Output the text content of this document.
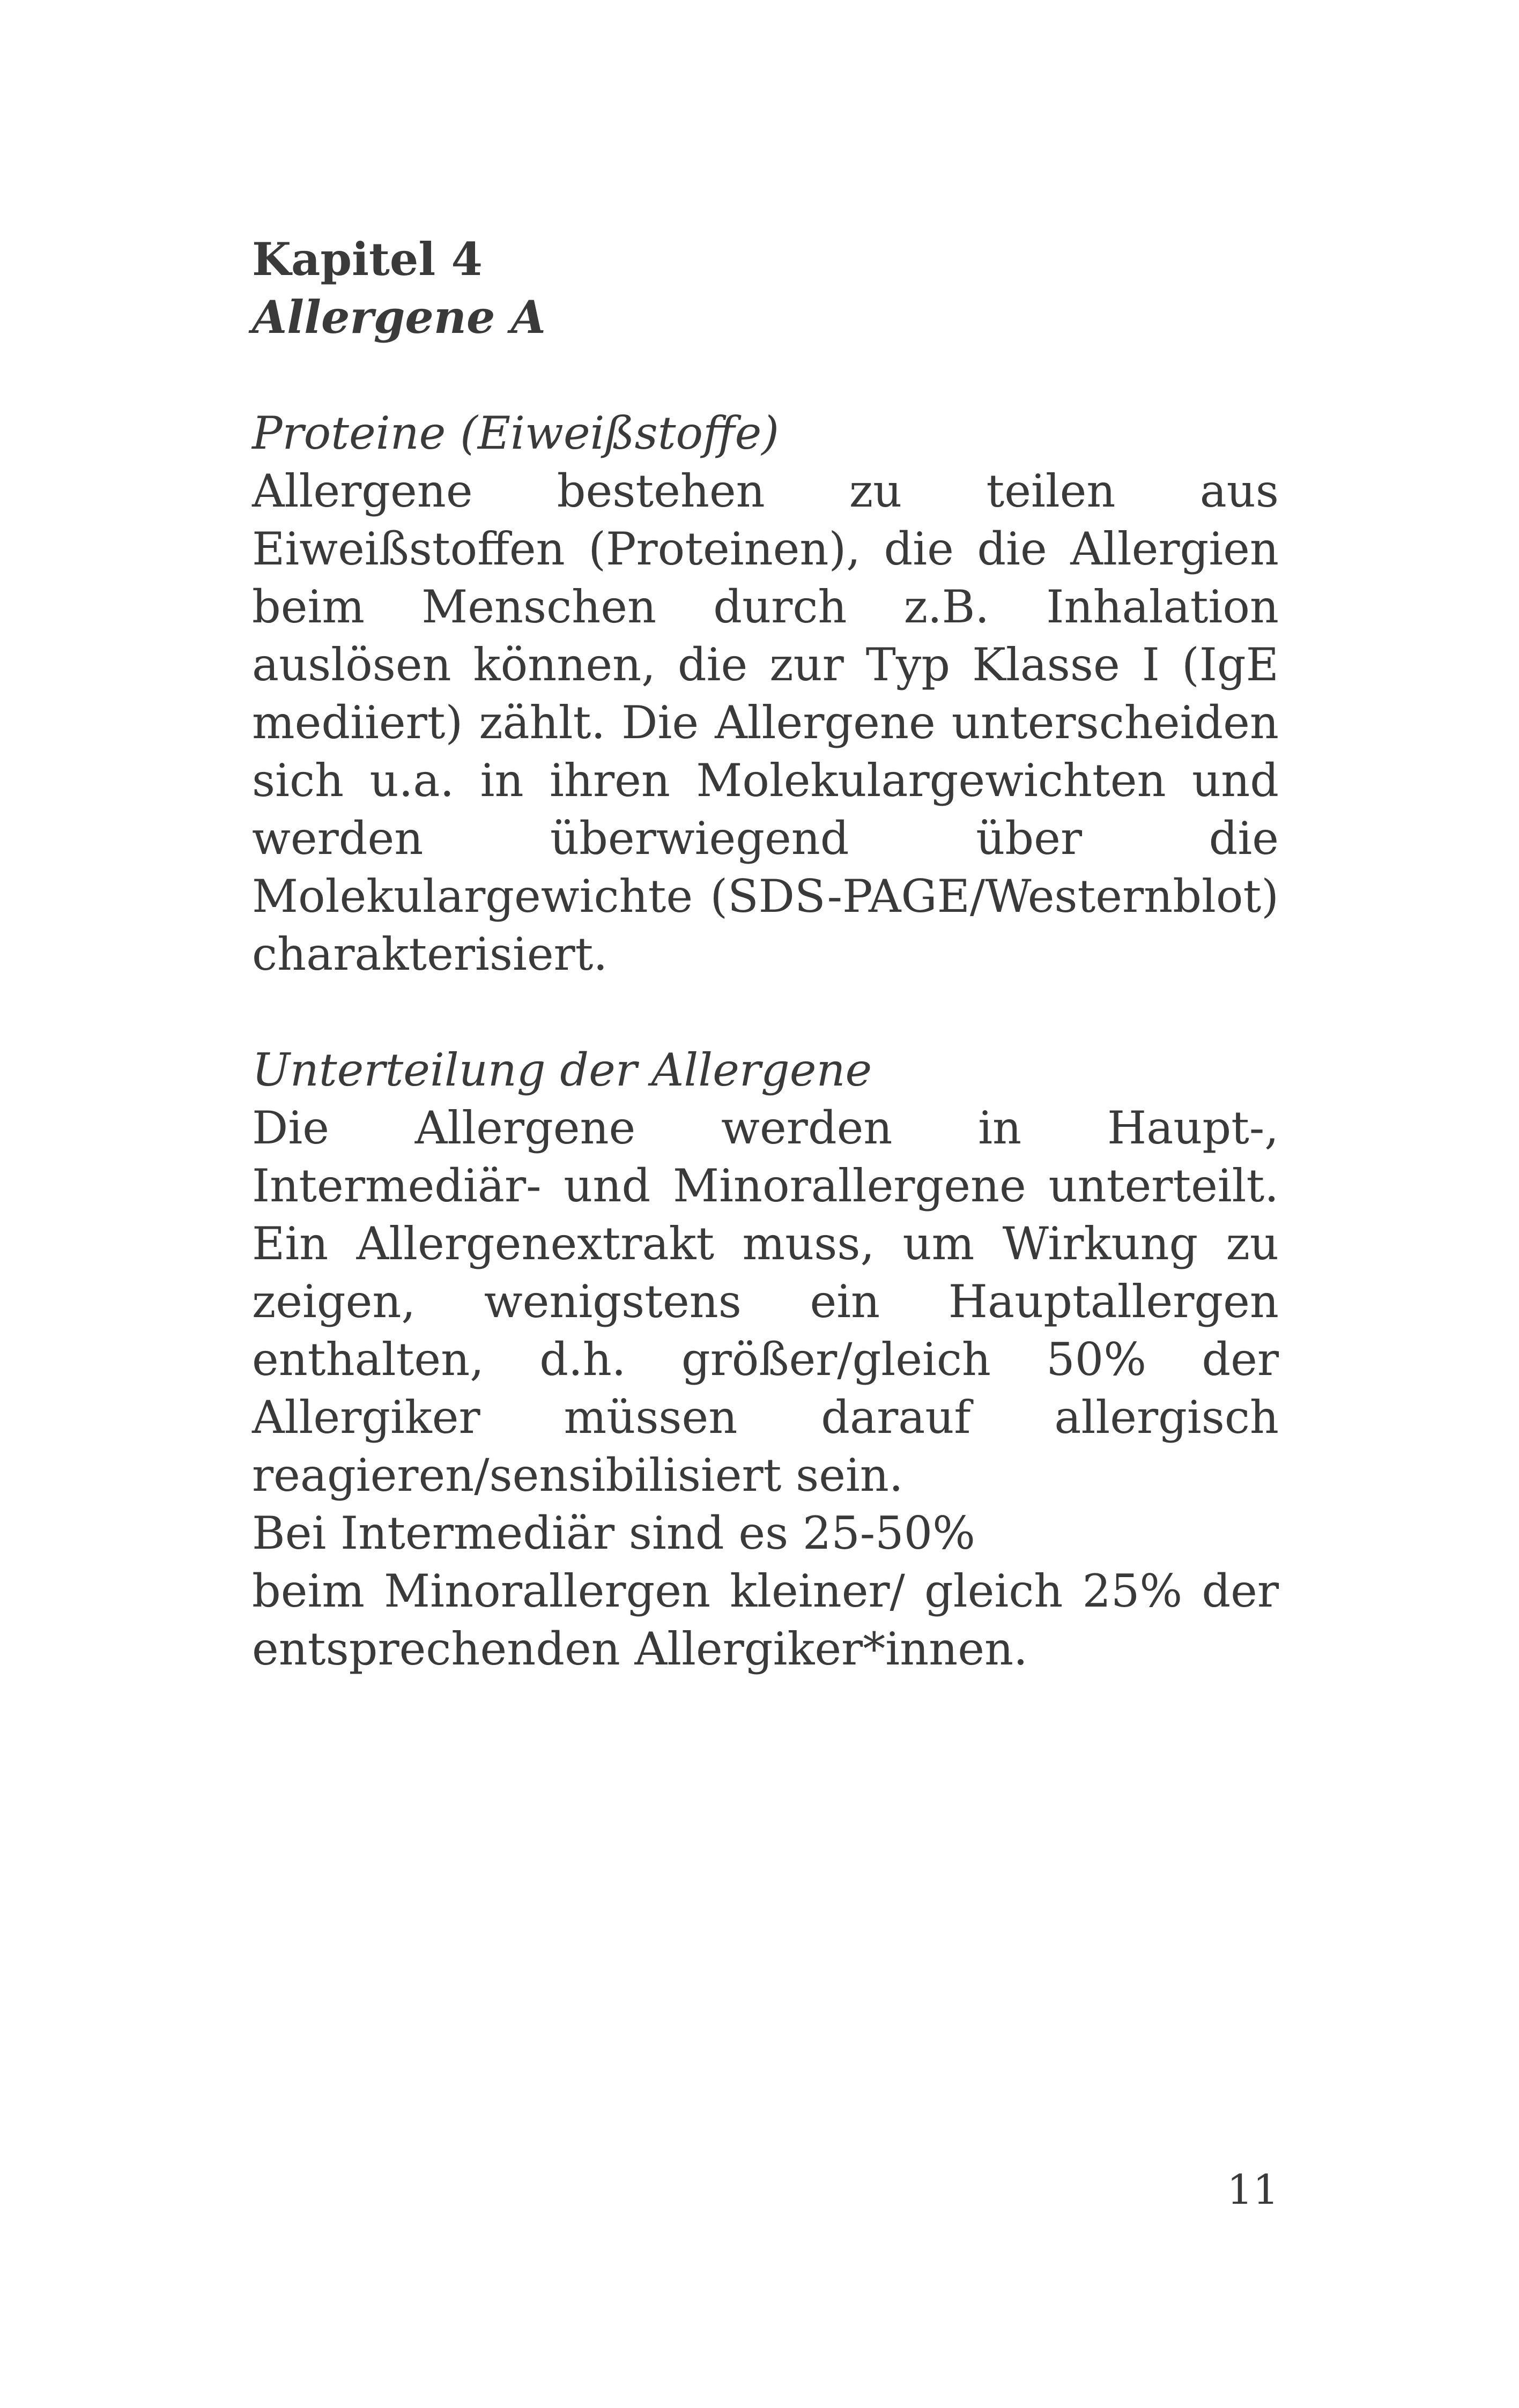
Kapitel 4

Allergene A

Proteine (Eiweißstoffe)

Allergene bestehen zu teilen aus Eiweißstoffen (Proteinen), die die Allergien beim Menschen durch z.B. Inhalation auslösen können, die zur Typ Klasse I (IgE mediiert) zählt. Die Allergene unterscheiden sich u.a. in ihren Molekulargewichten und werden überwiegend über die Molekulargewichte (SDS-PAGE/Westernblot) charakterisiert.

Unterteilung der Allergene

Die Allergene werden in Haupt-, Intermediär- und Minorallergene unterteilt. Ein Allergenextrakt muss, um Wirkung zu zeigen, wenigstens ein Hauptallergen enthalten, d.h. größer/gleich 50% der Allergiker müssen darauf allergisch reagieren/sensibilisiert sein.

Bei Intermediär sind es 25-50%

beim Minorallergen kleiner/ gleich 25% der entsprechenden Allergiker*innen.

11
